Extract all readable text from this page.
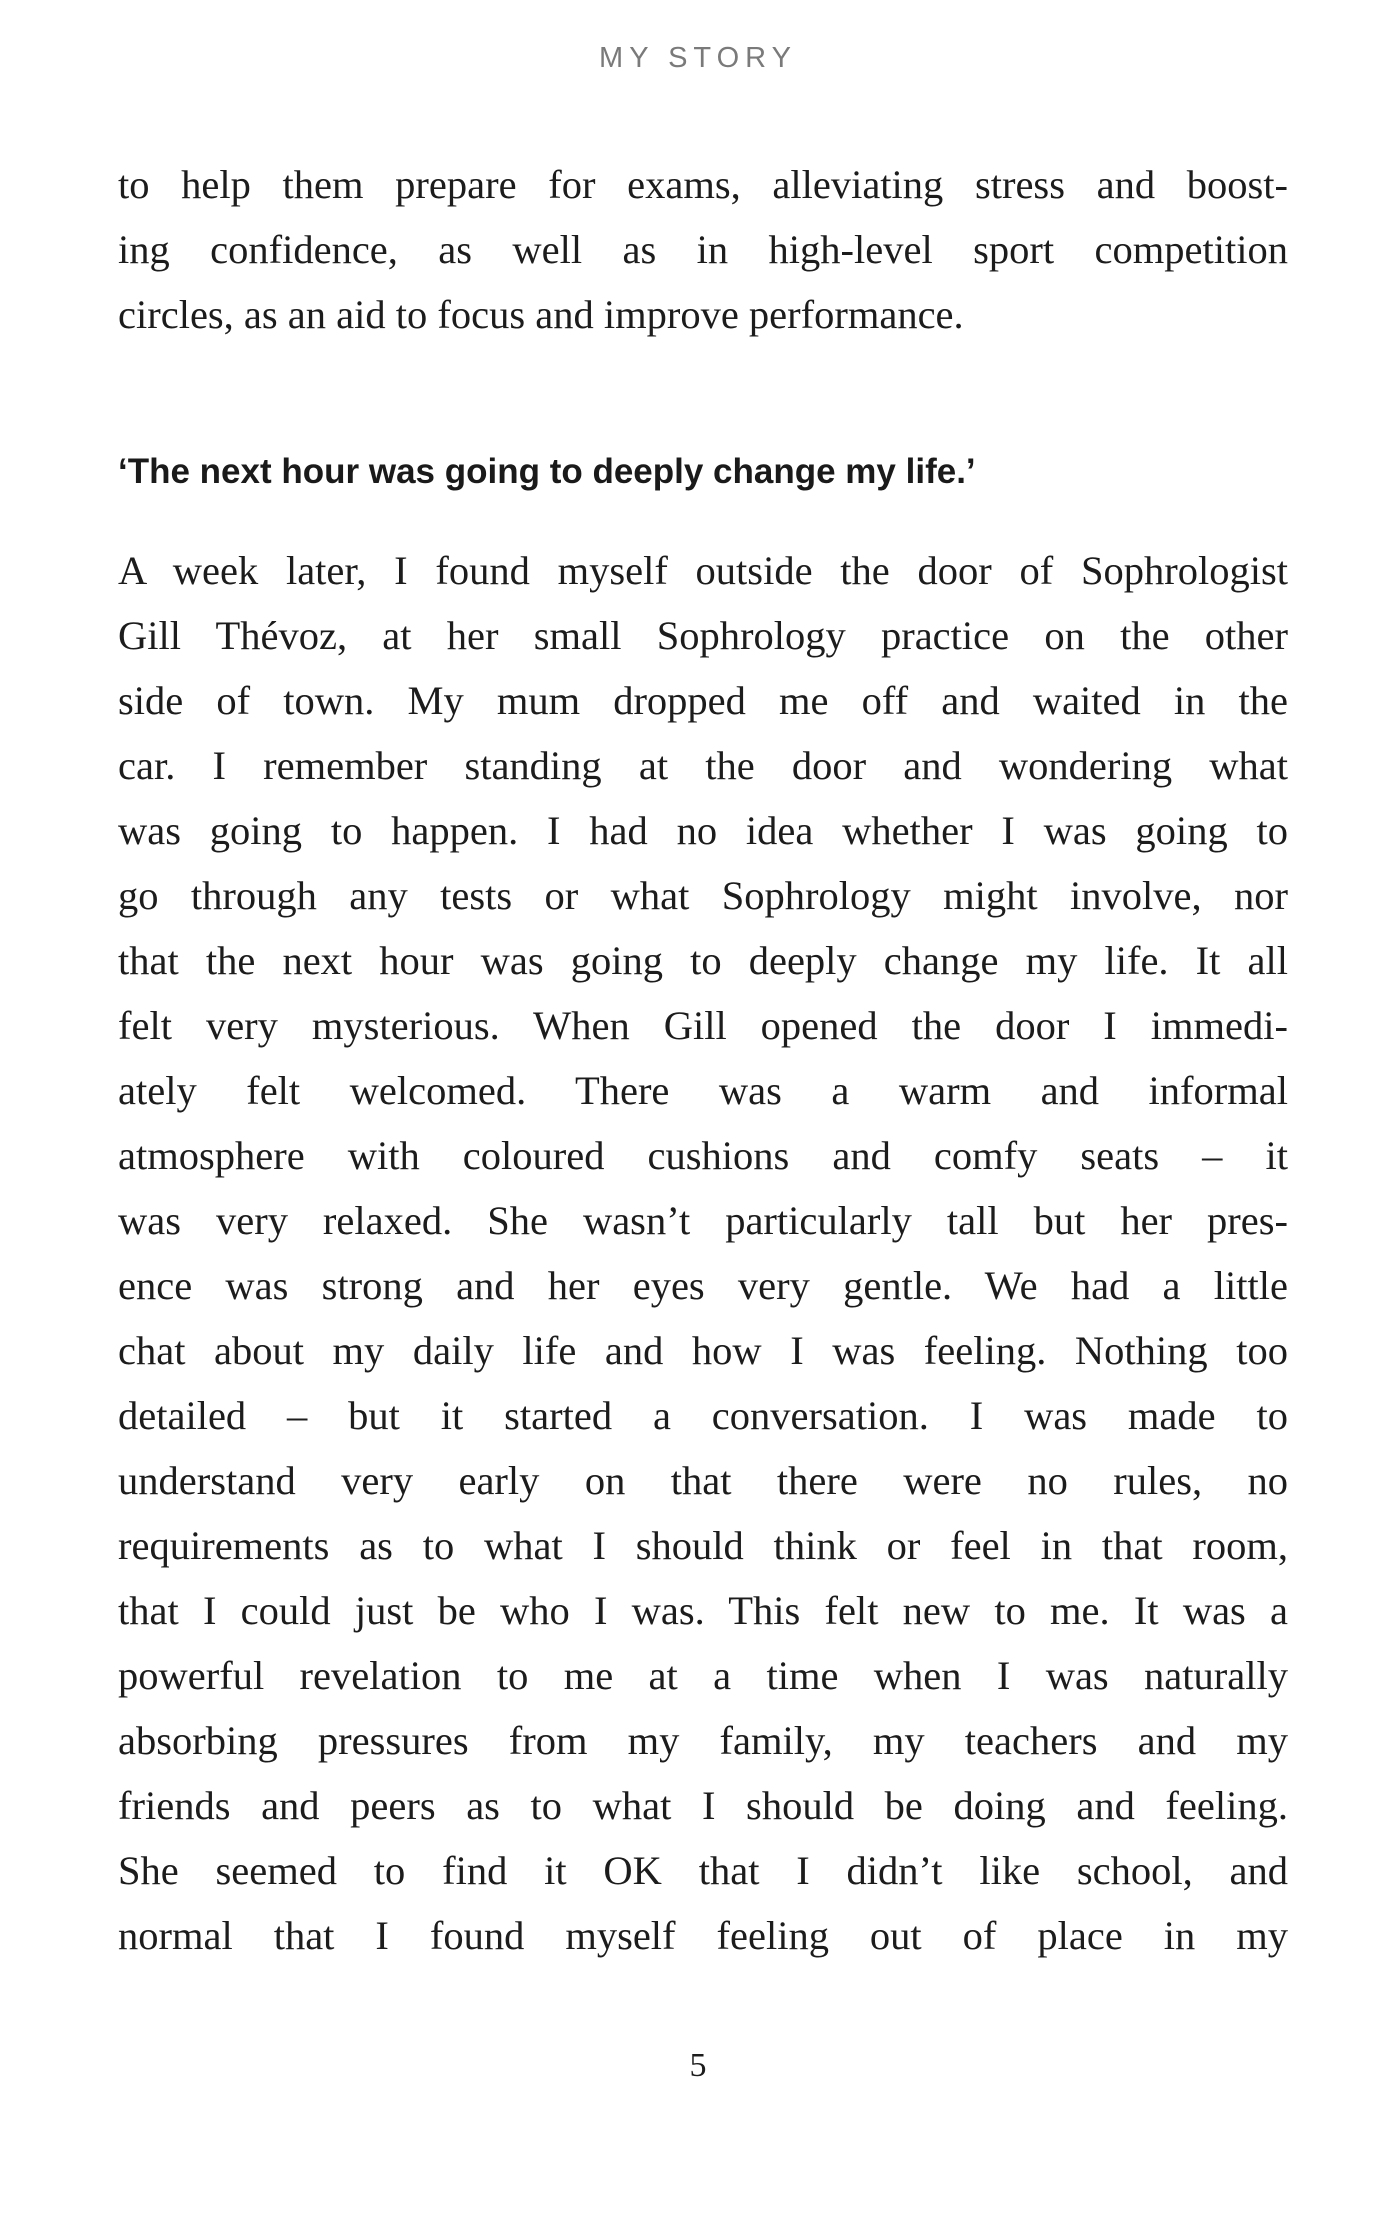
MY STORY
to help them prepare for exams, alleviating stress and boost-
ing confidence, as well as in high-level sport competition
circles, as an aid to focus and improve performance.
‘The next hour was going to deeply change my life.’
A week later, I found myself outside the door of Sophrologist
Gill Thévoz, at her small Sophrology practice on the other
side of town. My mum dropped me off and waited in the
car. I remember standing at the door and wondering what
was going to happen. I had no idea whether I was going to
go through any tests or what Sophrology might involve, nor
that the next hour was going to deeply change my life. It all
felt very mysterious. When Gill opened the door I immedi-
ately felt welcomed. There was a warm and informal
atmosphere with coloured cushions and comfy seats – it
was very relaxed. She wasn’t particularly tall but her pres-
ence was strong and her eyes very gentle. We had a little
chat about my daily life and how I was feeling. Nothing too
detailed – but it started a conversation. I was made to
understand very early on that there were no rules, no
requirements as to what I should think or feel in that room,
that I could just be who I was. This felt new to me. It was a
powerful revelation to me at a time when I was naturally
absorbing pressures from my family, my teachers and my
friends and peers as to what I should be doing and feeling.
She seemed to find it OK that I didn’t like school, and
normal that I found myself feeling out of place in my
5
